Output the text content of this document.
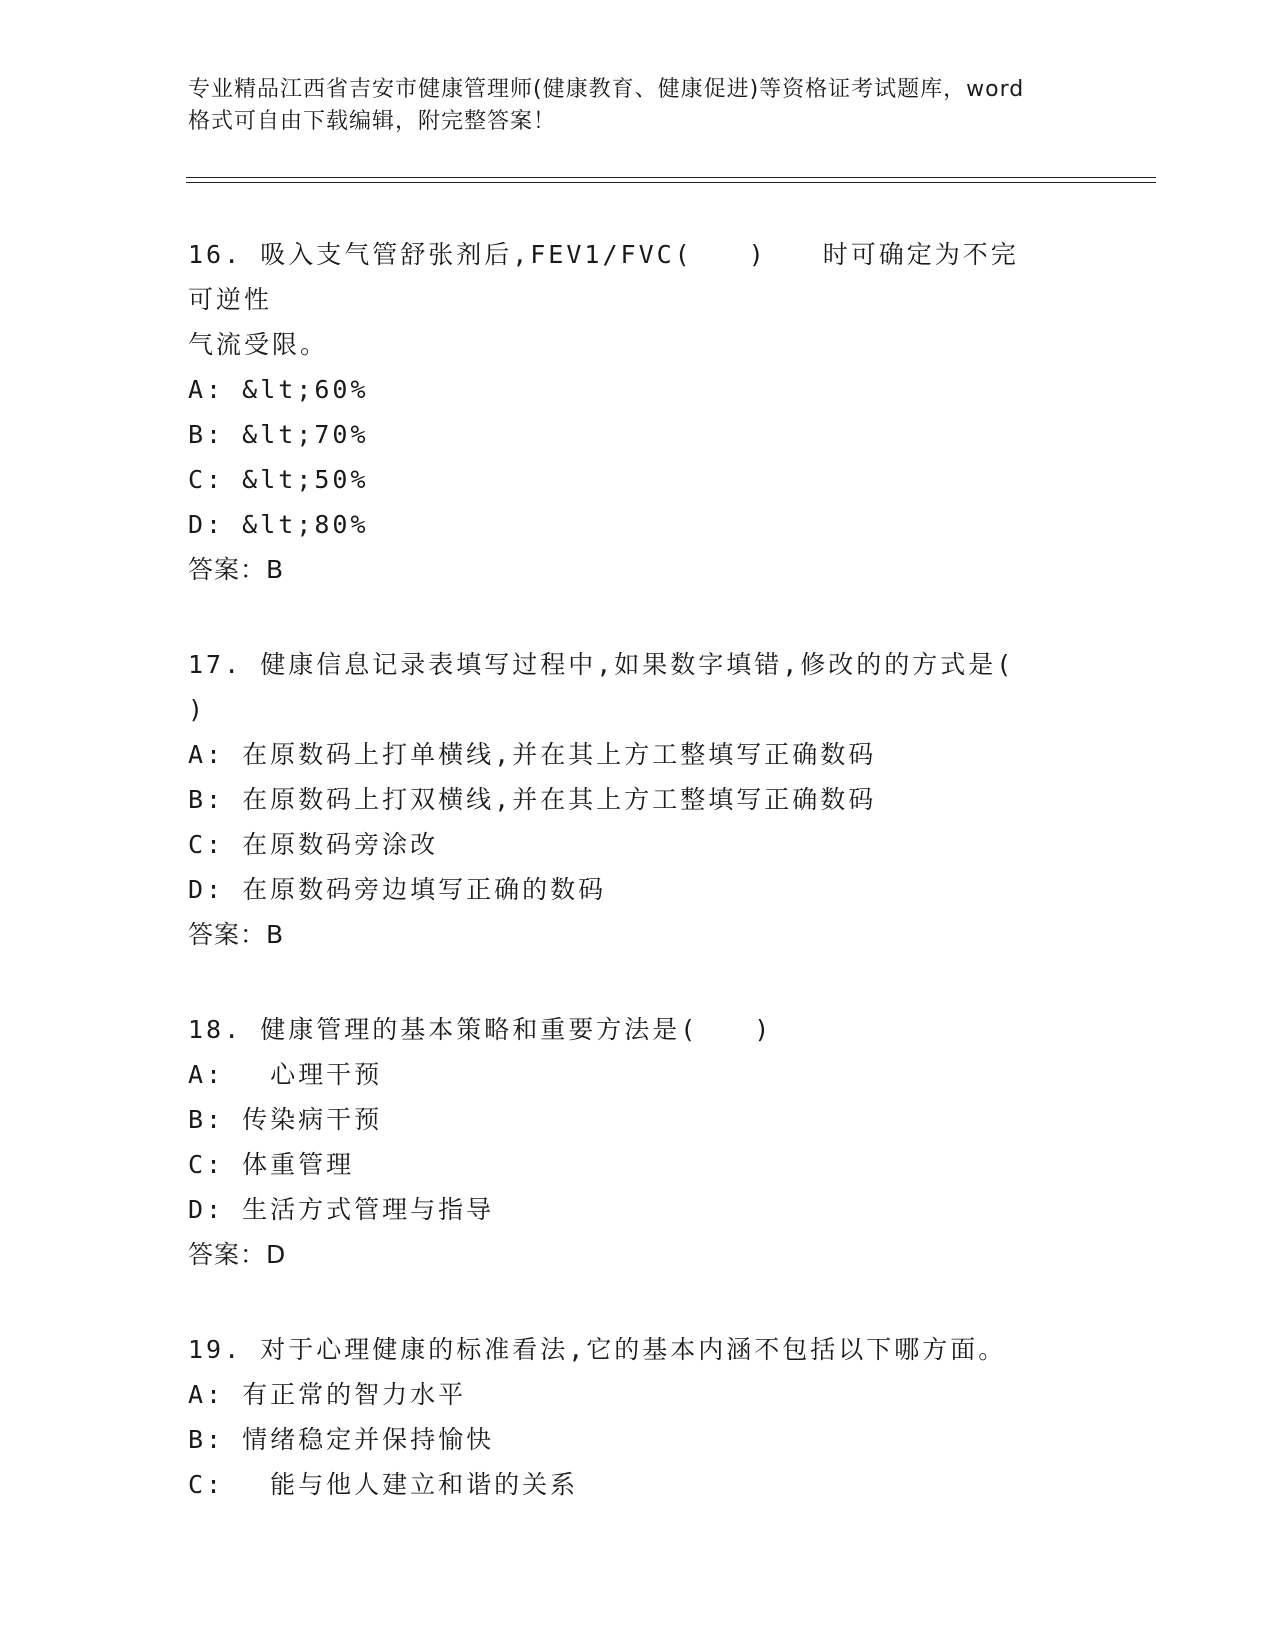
专业精品江西省吉安市健康管理师(健康教育、健康促进)等资格证考试题库，word
格式可自由下载编辑，附完整答案！
16. 吸入支气管舒张剂后,FEV1/FVC(　　)　　时可确定为不完可逆性
气流受限。
A: &lt;60%
B: &lt;70%
C: &lt;50%
D: &lt;80%
答案：B
17. 健康信息记录表填写过程中,如果数字填错,修改的的方式是(
)
A: 在原数码上打单横线,并在其上方工整填写正确数码
B: 在原数码上打双横线,并在其上方工整填写正确数码
C: 在原数码旁涂改
D: 在原数码旁边填写正确的数码
答案：B
18. 健康管理的基本策略和重要方法是(　　)
A: 　心理干预
B: 传染病干预
C: 体重管理
D: 生活方式管理与指导
答案：D
19. 对于心理健康的标准看法,它的基本内涵不包括以下哪方面。
A: 有正常的智力水平
B: 情绪稳定并保持愉快
C: 　能与他人建立和谐的关系
